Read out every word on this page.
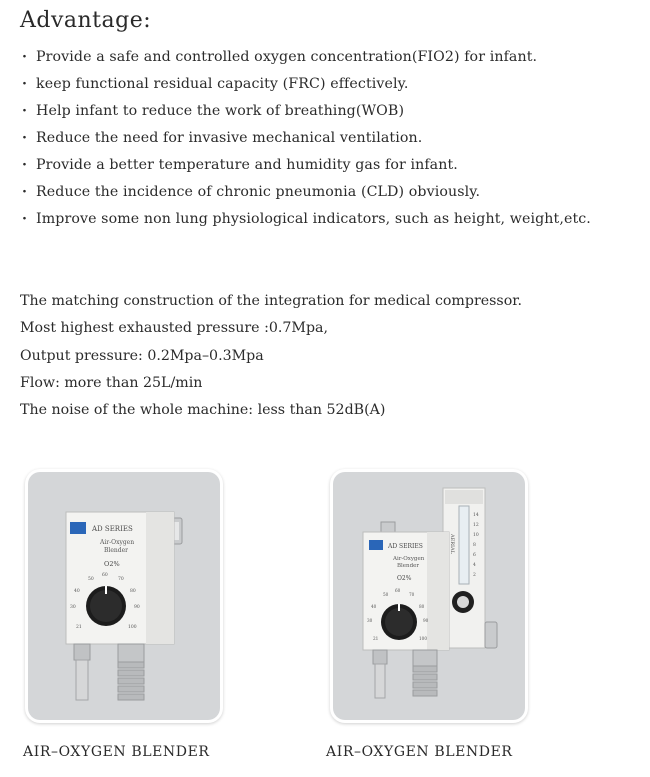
Advantage:
· Provide a safe and controlled oxygen concentration(FIO2) for infant.
· keep functional residual capacity (FRC) effectively.
· Help infant to reduce the work of breathing(WOB)
· Reduce the need for invasive mechanical ventilation.
· Provide a better temperature and humidity gas for infant.
· Reduce the incidence of chronic pneumonia (CLD) obviously.
· Improve some non lung physiological indicators, such as height, weight,etc.
The matching construction of the integration for medical compressor.
Most highest exhausted pressure :0.7Mpa,
Output pressure: 0.2Mpa–0.3Mpa
Flow: more than 25L/min
The noise of the whole machine: less than 52dB(A)
AD SERIES
Air-Oxygen
Blender
O2%
21
30
40
50
60
70
80
90
100
AERIAL
2
4
6
8
10
12
14
AD SERIES
Air-Oxygen
Blender
O2%
21
30
40
50
60
70
80
90
100
AIR–OXYGEN BLENDER	AIR–OXYGEN BLENDER
